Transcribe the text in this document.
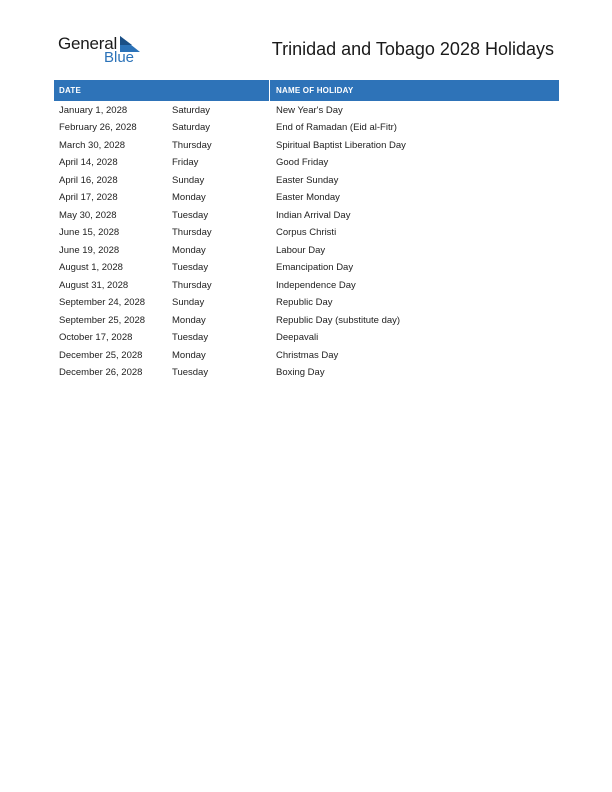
General
Blue	Trinidad and Tobago 2028 Holidays
DATE	NAME OF HOLIDAY
January 1, 2028	Saturday	New Year's Day
February 26, 2028	Saturday	End of Ramadan (Eid al-Fitr)
March 30, 2028	Thursday	Spiritual Baptist Liberation Day
April 14, 2028	Friday	Good Friday
April 16, 2028	Sunday	Easter Sunday
April 17, 2028	Monday	Easter Monday
May 30, 2028	Tuesday	Indian Arrival Day
June 15, 2028	Thursday	Corpus Christi
June 19, 2028	Monday	Labour Day
August 1, 2028	Tuesday	Emancipation Day
August 31, 2028	Thursday	Independence Day
September 24, 2028	Sunday	Republic Day
September 25, 2028	Monday	Republic Day (substitute day)
October 17, 2028	Tuesday	Deepavali
December 25, 2028	Monday	Christmas Day
December 26, 2028	Tuesday	Boxing Day
